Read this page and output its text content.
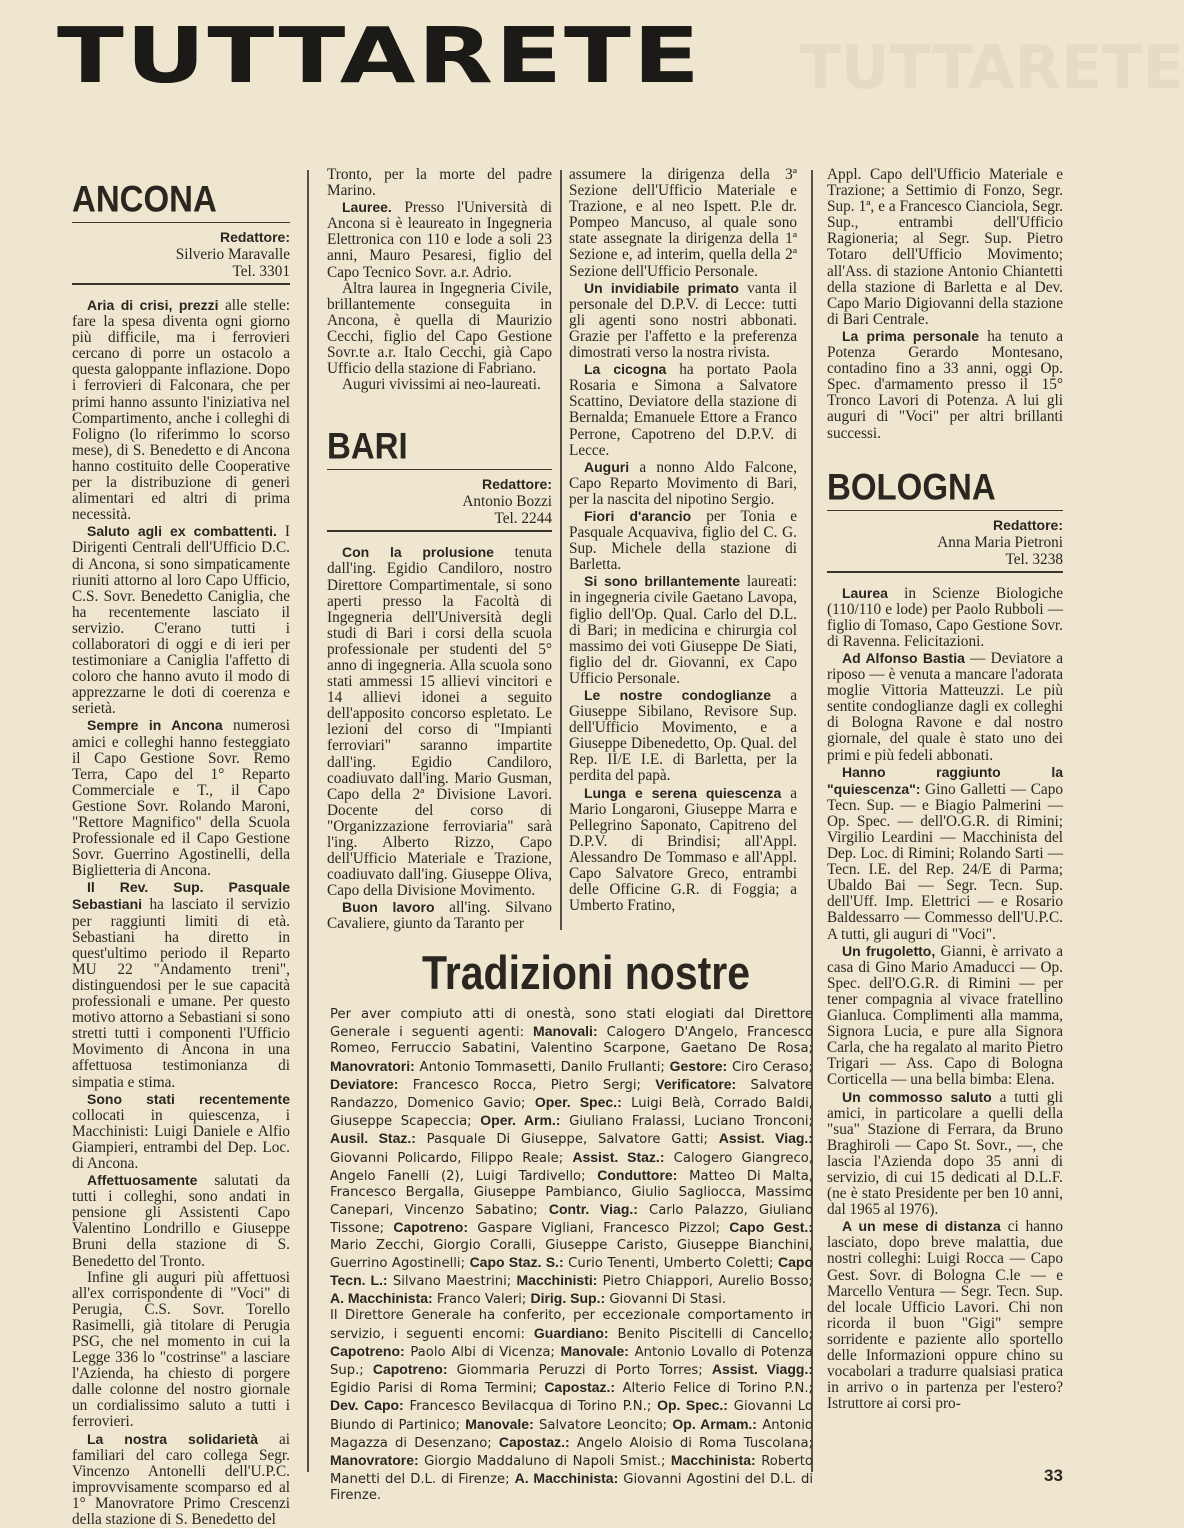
TUTTARETE
TUTTARETE
ANCONA
Redattore:
Silverio Maravalle
Tel. 3301

Aria di crisi, prezzi alle stelle: fare la spesa diventa ogni giorno più difficile, ma i ferrovieri cercano di porre un ostacolo a questa galoppante inflazione. Dopo i ferrovieri di Falconara, che per primi hanno assunto l'iniziativa nel Compartimento, anche i colleghi di Foligno (lo riferimmo lo scorso mese), di S. Benedetto e di Ancona hanno costituito delle Cooperative per la distribuzione di generi alimentari ed altri di prima necessità.

Saluto agli ex combattenti. I Dirigenti Centrali dell'Ufficio D.C. di Ancona, si sono simpaticamente riuniti attorno al loro Capo Ufficio, C.S. Sovr. Benedetto Caniglia, che ha recentemente lasciato il servizio. C'erano tutti i collaboratori di oggi e di ieri per testimoniare a Caniglia l'affetto di coloro che hanno avuto il modo di apprezzarne le doti di coerenza e serietà.

Sempre in Ancona numerosi amici e colleghi hanno festeggiato il Capo Gestione Sovr. Remo Terra, Capo del 1° Reparto Commerciale e T., il Capo Gestione Sovr. Rolando Maroni, "Rettore Magnifico" della Scuola Professionale ed il Capo Gestione Sovr. Guerrino Agostinelli, della Biglietteria di Ancona.

Il Rev. Sup. Pasquale Sebastiani ha lasciato il servizio per raggiunti limiti di età. Sebastiani ha diretto in quest'ultimo periodo il Reparto MU 22 "Andamento treni", distinguendosi per le sue capacità professionali e umane. Per questo motivo attorno a Sebastiani si sono stretti tutti i componenti l'Ufficio Movimento di Ancona in una affettuosa testimonianza di simpatia e stima.

Sono stati recentemente collocati in quiescenza, i Macchinisti: Luigi Daniele e Alfio Giampieri, entrambi del Dep. Loc. di Ancona.

Affettuosamente salutati da tutti i colleghi, sono andati in pensione gli Assistenti Capo Valentino Londrillo e Giuseppe Bruni della stazione di S. Benedetto del Tronto.

Infine gli auguri più affettuosi all'ex corrispondente di "Voci" di Perugia, C.S. Sovr. Torello Rasimelli, già titolare di Perugia PSG, che nel momento in cui la Legge 336 lo "costrinse" a lasciare l'Azienda, ha chiesto di porgere dalle colonne del nostro giornale un cordialissimo saluto a tutti i ferrovieri.

La nostra solidarietà ai familiari del caro collega Segr. Vincenzo Antonelli dell'U.P.C. improvvisamente scomparso ed al 1° Manovratore Primo Crescenzi della stazione di S. Benedetto del

Tronto, per la morte del padre Marino.

Lauree. Presso l'Università di Ancona si è leaureato in Ingegneria Elettronica con 110 e lode a soli 23 anni, Mauro Pesaresi, figlio del Capo Tecnico Sovr. a.r. Adrio.

Altra laurea in Ingegneria Civile, brillantemente conseguita in Ancona, è quella di Maurizio Cecchi, figlio del Capo Gestione Sovr.te a.r. Italo Cecchi, già Capo Ufficio della stazione di Fabriano.

Auguri vivissimi ai neo-laureati.

BARI
Redattore:
Antonio Bozzi
Tel. 2244

Con la prolusione tenuta dall'ing. Egidio Candiloro, nostro Direttore Compartimentale, si sono aperti presso la Facoltà di Ingegneria dell'Università degli studi di Bari i corsi della scuola professionale per studenti del 5° anno di ingegneria. Alla scuola sono stati ammessi 15 allievi vincitori e 14 allievi idonei a seguito dell'apposito concorso espletato. Le lezioni del corso di "Impianti ferroviari" saranno impartite dall'ing. Egidio Candiloro, coadiuvato dall'ing. Mario Gusman, Capo della 2ª Divisione Lavori. Docente del corso di "Organizzazione ferroviaria" sarà l'ing. Alberto Rizzo, Capo dell'Ufficio Materiale e Trazione, coadiuvato dall'ing. Giuseppe Oliva, Capo della Divisione Movimento.

Buon lavoro all'ing. Silvano Cavaliere, giunto da Taranto per

assumere la dirigenza della 3ª Sezione dell'Ufficio Materiale e Trazione, e al neo Ispett. P.le dr. Pompeo Mancuso, al quale sono state assegnate la dirigenza della 1ª Sezione e, ad interim, quella della 2ª Sezione dell'Ufficio Personale.

Un invidiabile primato vanta il personale del D.P.V. di Lecce: tutti gli agenti sono nostri abbonati. Grazie per l'affetto e la preferenza dimostrati verso la nostra rivista.

La cicogna ha portato Paola Rosaria e Simona a Salvatore Scattino, Deviatore della stazione di Bernalda; Emanuele Ettore a Franco Perrone, Capotreno del D.P.V. di Lecce.

Auguri a nonno Aldo Falcone, Capo Reparto Movimento di Bari, per la nascita del nipotino Sergio.

Fiori d'arancio per Tonia e Pasquale Acquaviva, figlio del C. G. Sup. Michele della stazione di Barletta.

Si sono brillantemente laureati: in ingegneria civile Gaetano Lavopa, figlio dell'Op. Qual. Carlo del D.L. di Bari; in medicina e chirurgia col massimo dei voti Giuseppe De Siati, figlio del dr. Giovanni, ex Capo Ufficio Personale.

Le nostre condoglianze a Giuseppe Sibilano, Revisore Sup. dell'Ufficio Movimento, e a Giuseppe Dibenedetto, Op. Qual. del Rep. II/E I.E. di Barletta, per la perdita del papà.

Lunga e serena quiescenza a Mario Longaroni, Giuseppe Marra e Pellegrino Saponato, Capitreno del D.P.V. di Brindisi; all'Appl. Alessandro De Tommaso e all'Appl. Capo Salvatore Greco, entrambi delle Officine G.R. di Foggia; a Umberto Fratino,

Appl. Capo dell'Ufficio Materiale e Trazione; a Settimio di Fonzo, Segr. Sup. 1ª, e a Francesco Cianciola, Segr. Sup., entrambi dell'Ufficio Ragioneria; al Segr. Sup. Pietro Totaro dell'Ufficio Movimento; all'Ass. di stazione Antonio Chiantetti della stazione di Barletta e al Dev. Capo Mario Digiovanni della stazione di Bari Centrale.

La prima personale ha tenuto a Potenza Gerardo Montesano, contadino fino a 33 anni, oggi Op. Spec. d'armamento presso il 15° Tronco Lavori di Potenza. A lui gli auguri di "Voci" per altri brillanti successi.

BOLOGNA
Redattore:
Anna Maria Pietroni
Tel. 3238

Laurea in Scienze Biologiche (110/110 e lode) per Paolo Rubboli — figlio di Tomaso, Capo Gestione Sovr. di Ravenna. Felicitazioni.

Ad Alfonso Bastia — Deviatore a riposo — è venuta a mancare l'adorata moglie Vittoria Matteuzzi. Le più sentite condoglianze dagli ex colleghi di Bologna Ravone e dal nostro giornale, del quale è stato uno dei primi e più fedeli abbonati.

Hanno raggiunto la "quiescenza": Gino Galletti — Capo Tecn. Sup. — e Biagio Palmerini — Op. Spec. — dell'O.G.R. di Rimini; Virgilio Leardini — Macchinista del Dep. Loc. di Rimini; Rolando Sarti — Tecn. I.E. del Rep. 24/E di Parma; Ubaldo Bai — Segr. Tecn. Sup. dell'Uff. Imp. Elettrici — e Rosario Baldessarro — Commesso dell'U.P.C. A tutti, gli auguri di "Voci".

Un frugoletto, Gianni, è arrivato a casa di Gino Mario Amaducci — Op. Spec. dell'O.G.R. di Rimini — per tener compagnia al vivace fratellino Gianluca. Complimenti alla mamma, Signora Lucia, e pure alla Signora Carla, che ha regalato al marito Pietro Trigari — Ass. Capo di Bologna Corticella — una bella bimba: Elena.

Un commosso saluto a tutti gli amici, in particolare a quelli della "sua" Stazione di Ferrara, da Bruno Braghiroli — Capo St. Sovr., —, che lascia l'Azienda dopo 35 anni di servizio, di cui 15 dedicati al D.L.F. (ne è stato Presidente per ben 10 anni, dal 1965 al 1976).

A un mese di distanza ci hanno lasciato, dopo breve malattia, due nostri colleghi: Luigi Rocca — Capo Gest. Sovr. di Bologna C.le — e Marcello Ventura — Segr. Tecn. Sup. del locale Ufficio Lavori. Chi non ricorda il buon "Gigi" sempre sorridente e paziente allo sportello delle Informazioni oppure chino su vocabolari a tradurre qualsiasi pratica in arrivo o in partenza per l'estero? Istruttore ai corsi pro-

Tradizioni nostre

Per aver compiuto atti di onestà, sono stati elogiati dal Direttore Generale i seguenti agenti: Manovali: Calogero D'Angelo, Francesco Romeo, Ferruccio Sabatini, Valentino Scarpone, Gaetano De Rosa; Manovratori: Antonio Tommasetti, Danilo Frullanti; Gestore: Ciro Ceraso; Deviatore: Francesco Rocca, Pietro Sergi; Verificatore: Salvatore Randazzo, Domenico Gavio; Oper. Spec.: Luigi Belà, Corrado Baldi, Giuseppe Scapeccia; Oper. Arm.: Giuliano Fralassi, Luciano Tronconi; Ausil. Staz.: Pasquale Di Giuseppe, Salvatore Gatti; Assist. Viag.: Giovanni Policardo, Filippo Reale; Assist. Staz.: Calogero Giangreco, Angelo Fanelli (2), Luigi Tardivello; Conduttore: Matteo Di Malta, Francesco Bergalla, Giuseppe Pambianco, Giulio Sagliocca, Massimo Canepari, Vincenzo Sabatino; Contr. Viag.: Carlo Palazzo, Giuliano Tissone; Capotreno: Gaspare Vigliani, Francesco Pizzol; Capo Gest.: Mario Zecchi, Giorgio Coralli, Giuseppe Caristo, Giuseppe Bianchini, Guerrino Agostinelli; Capo Staz. S.: Curio Tenenti, Umberto Coletti; Capo Tecn. L.: Silvano Maestrini; Macchinisti: Pietro Chiappori, Aurelio Bosso; A. Macchinista: Franco Valeri; Dirig. Sup.: Giovanni Di Stasi.

Il Direttore Generale ha conferito, per eccezionale comportamento in servizio, i seguenti encomi: Guardiano: Benito Piscitelli di Cancello; Capotreno: Paolo Albi di Vicenza; Manovale: Antonio Lovallo di Potenza Sup.; Capotreno: Giommaria Peruzzi di Porto Torres; Assist. Viagg.: Egidio Parisi di Roma Termini; Capostaz.: Alterio Felice di Torino P.N.; Dev. Capo: Francesco Bevilacqua di Torino P.N.; Op. Spec.: Giovanni Lo Biundo di Partinico; Manovale: Salvatore Leoncito; Op. Armam.: Antonio Magazza di Desenzano; Capostaz.: Angelo Aloisio di Roma Tuscolana; Manovratore: Giorgio Maddaluno di Napoli Smist.; Macchinista: Roberto Manetti del D.L. di Firenze; A. Macchinista: Giovanni Agostini del D.L. di Firenze.

33
